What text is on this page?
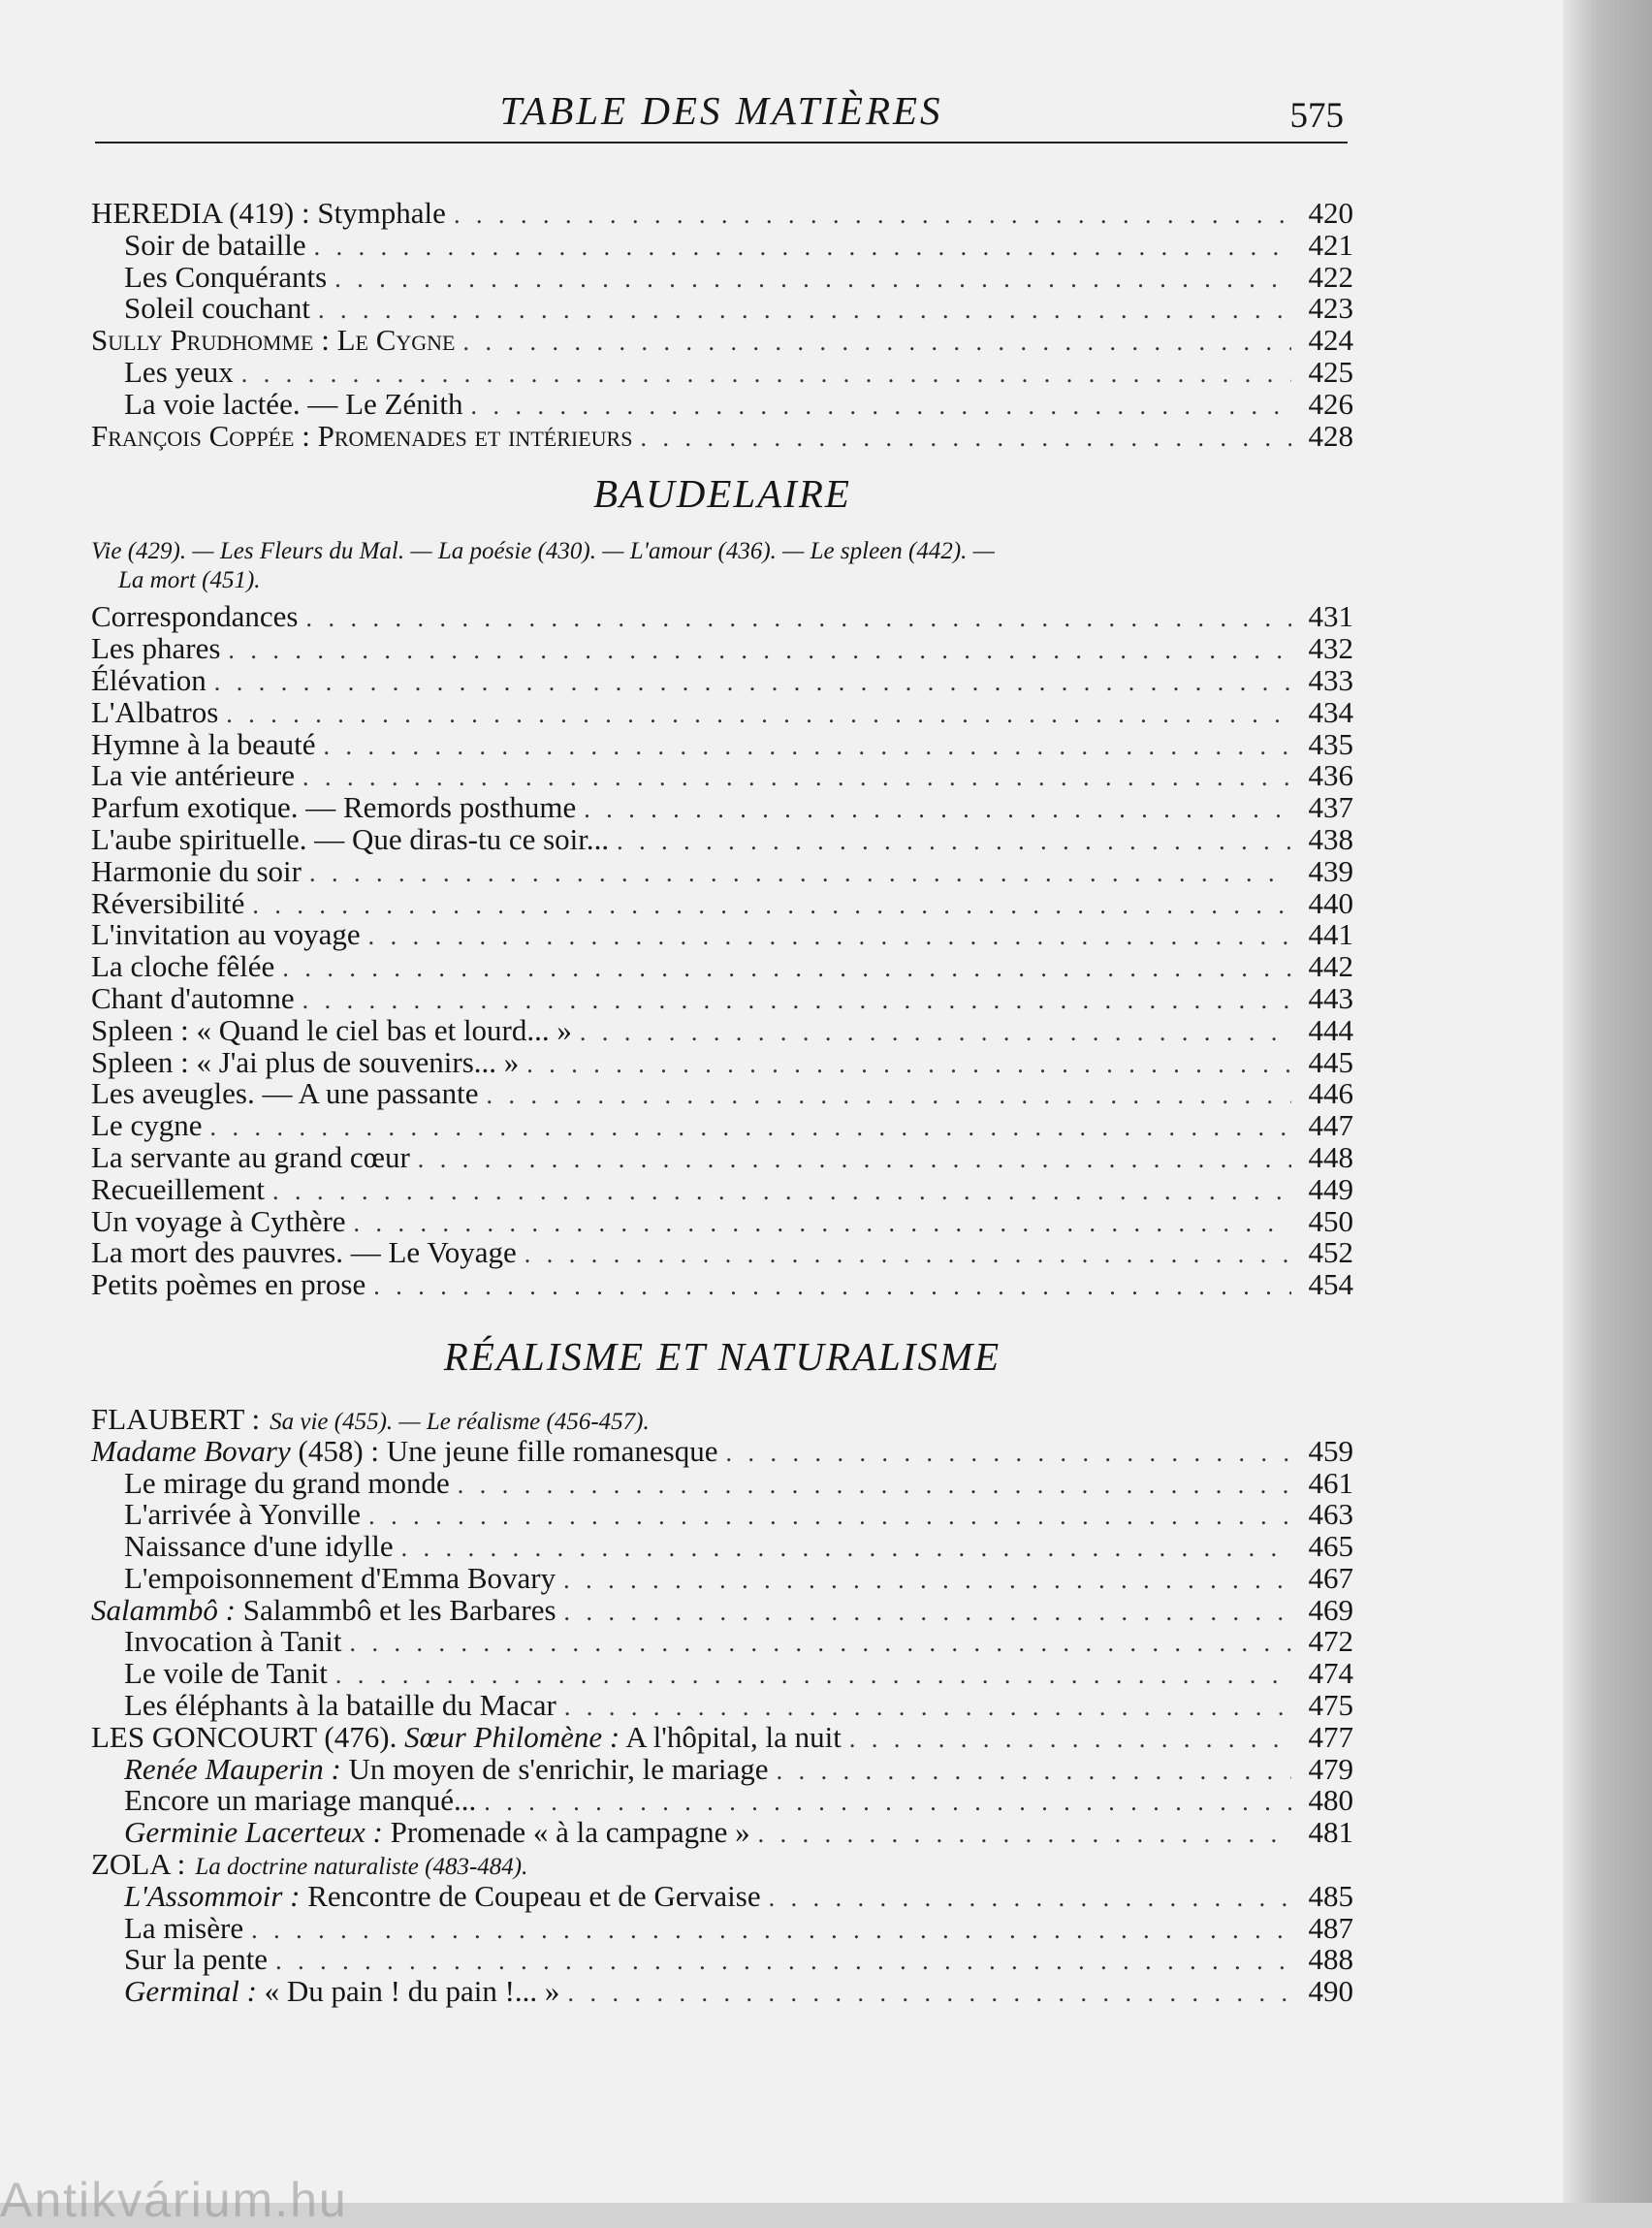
TABLE DES MATIÈRES	575
HEREDIA (419) : Stymphale . . .	420
Soir de bataille . . .	421
Les Conquérants . . .	422
Soleil couchant . . .	423
Sully Prudhomme : Le Cygne . . .	424
Les yeux . . .	425
La voie lactée. — Le Zénith . . .	426
François Coppée : Promenades et intérieurs . . .	428
BAUDELAIRE
Vie (429). — Les Fleurs du Mal. — La poésie (430). — L'amour (436). — Le spleen (442). —
La mort (451).
Correspondances . . .	431
Les phares . . .	432
Élévation . . .	433
L'Albatros . . .	434
Hymne à la beauté . . .	435
La vie antérieure . . .	436
Parfum exotique. — Remords posthume . . .	437
L'aube spirituelle. — Que diras-tu ce soir... . . .	438
Harmonie du soir . . .	439
Réversibilité . . .	440
L'invitation au voyage . . .	441
La cloche fêlée . . .	442
Chant d'automne . . .	443
Spleen : « Quand le ciel bas et lourd... » . . .	444
Spleen : « J'ai plus de souvenirs... » . . .	445
Les aveugles. — A une passante . . .	446
Le cygne . . .	447
La servante au grand cœur . . .	448
Recueillement . . .	449
Un voyage à Cythère . . .	450
La mort des pauvres. — Le Voyage . . .	452
Petits poèmes en prose . . .	454
RÉALISME ET NATURALISME
FLAUBERT : Sa vie (455). — Le réalisme (456-457).
Madame Bovary (458) : Une jeune fille romanesque . . .	459
Le mirage du grand monde . . .	461
L'arrivée à Yonville . . .	463
Naissance d'une idylle . . .	465
L'empoisonnement d'Emma Bovary . . .	467
Salammbô : Salammbô et les Barbares . . .	469
Invocation à Tanit . . .	472
Le voile de Tanit . . .	474
Les éléphants à la bataille du Macar . . .	475
LES GONCOURT (476). Sœur Philomène : A l'hôpital, la nuit . . .	477
Renée Mauperin : Un moyen de s'enrichir, le mariage . . .	479
Encore un mariage manqué... . . .	480
Germinie Lacerteux : Promenade « à la campagne » . . .	481
ZOLA : La doctrine naturaliste (483-484).
L'Assommoir : Rencontre de Coupeau et de Gervaise . . .	485
La misère . . .	487
Sur la pente . . .	488
Germinal : « Du pain ! du pain !... » . . .	490
Antikvárium.hu
